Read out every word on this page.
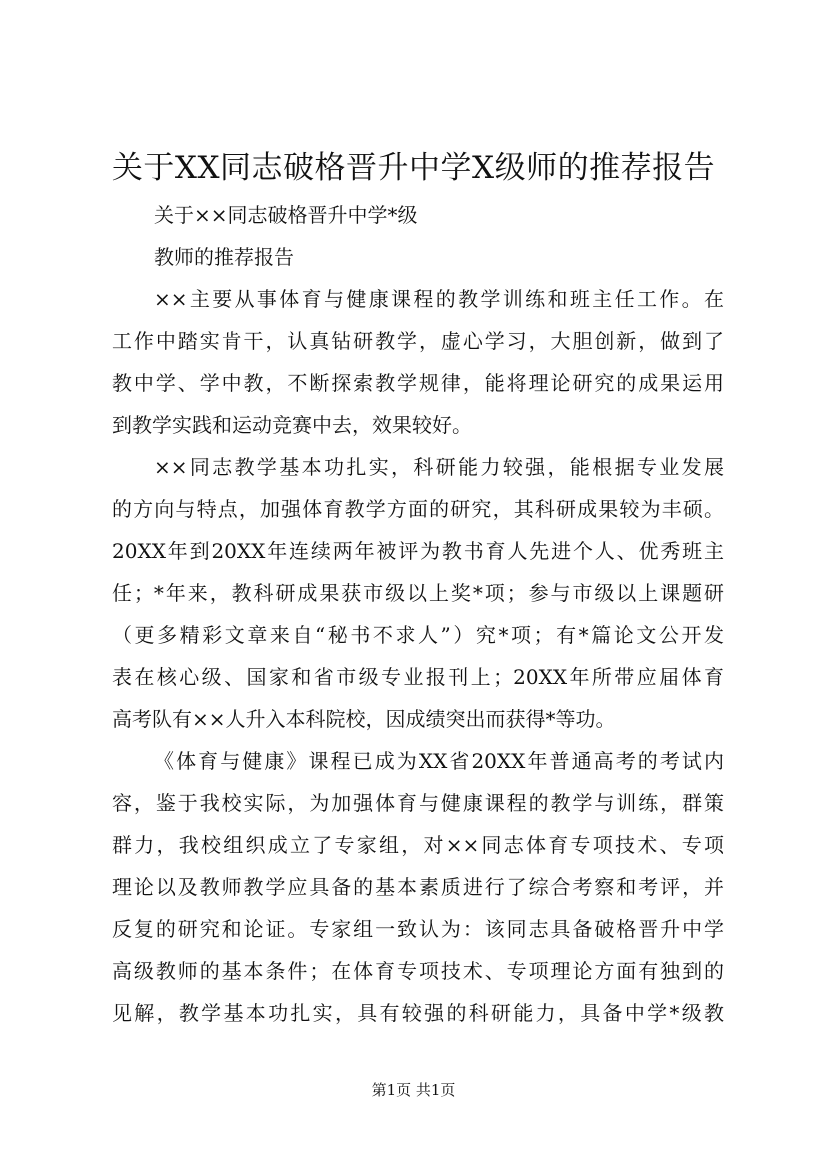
关于XX同志破格晋升中学X级师的推荐报告

关于××同志破格晋升中学*级

教师的推荐报告

××主要从事体育与健康课程的教学训练和班主任工作。在

工作中踏实肯干，认真钻研教学，虚心学习，大胆创新，做到了

教中学、学中教，不断探索教学规律，能将理论研究的成果运用

到教学实践和运动竞赛中去，效果较好。

××同志教学基本功扎实，科研能力较强，能根据专业发展

的方向与特点，加强体育教学方面的研究，其科研成果较为丰硕。

20XX年到20XX年连续两年被评为教书育人先进个人、优秀班主

任；*年来，教科研成果获市级以上奖*项；参与市级以上课题研

（更多精彩文章来自“秘书不求人”）究*项；有*篇论文公开发

表在核心级、国家和省市级专业报刊上；20XX年所带应届体育

高考队有××人升入本科院校，因成绩突出而获得*等功。

《体育与健康》课程已成为XX省20XX年普通高考的考试内

容，鉴于我校实际，为加强体育与健康课程的教学与训练，群策

群力，我校组织成立了专家组，对××同志体育专项技术、专项

理论以及教师教学应具备的基本素质进行了综合考察和考评，并

反复的研究和论证。专家组一致认为：该同志具备破格晋升中学

高级教师的基本条件；在体育专项技术、专项理论方面有独到的

见解，教学基本功扎实，具有较强的科研能力，具备中学*级教

第1页 共1页
